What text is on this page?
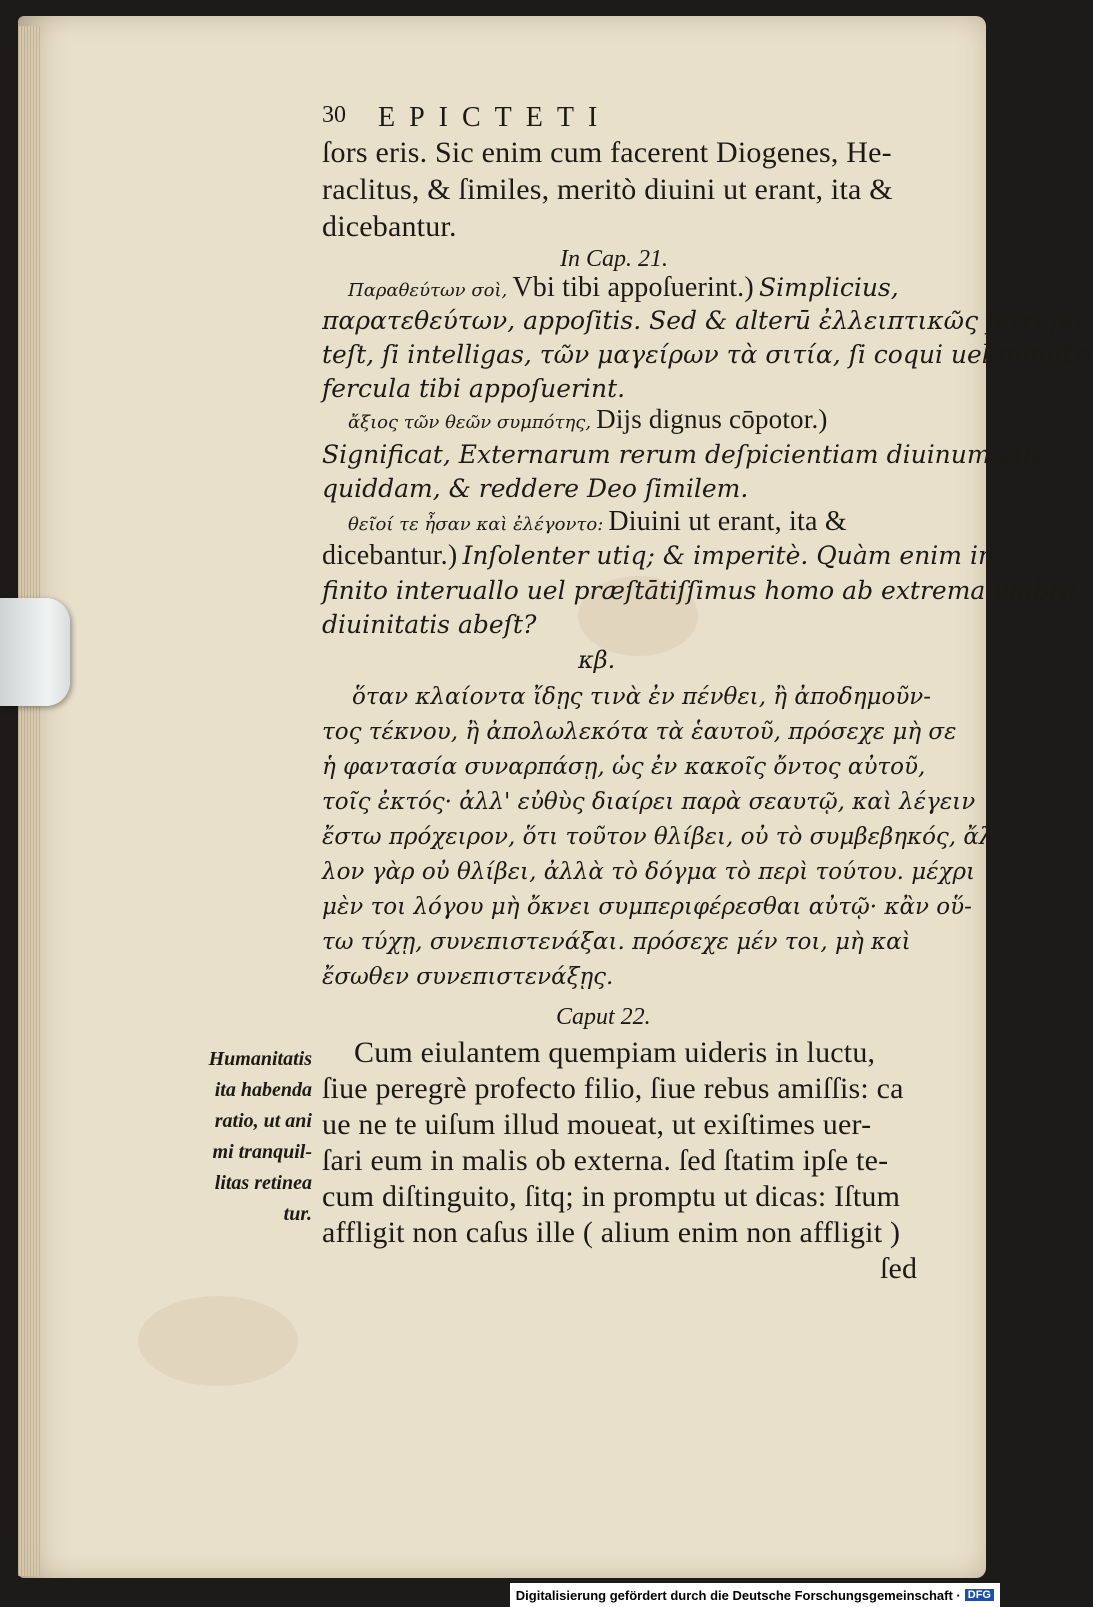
30 EPICTETI
ſors eris. Sic enim cum facerent Diogenes, He-
raclitus, & ſimiles, meritò diuini ut erant, ita &
dicebantur.
In Cap. 21.
Παραθεύτων σοὶ, Vbi tibi appoſuerint.) Simplicius,
παρατεθεύτων, appoſitis. Sed & alterū ἐλλειπτικῶς ferri po
teſt, ſi intelligas, τῶν μαγείρων τὰ σιτία, ſi coqui uel miniſtri
fercula tibi appoſuerint.
ἄξιος τῶν θεῶν συμπότης, Dijs dignus cōpotor.)
Significat, Externarum rerum deſpicientiam diuinum eſſe
quiddam, & reddere Deo ſimilem.
θεῖοί τε ἦσαν καὶ ἐλέγοντο: Diuini ut erant, ita &
dicebantur.) Inſolenter utiq; & imperitè. Quàm enim in-
finito interuallo uel præſtātiſſimus homo ab extrema umbra
diuinitatis abeſt?
κβ.
ὅταν κλαίοντα ἴδῃς τινὰ ἐν πένθει, ἢ ἀποδημοῦν-
τος τέκνου, ἢ ἀπολωλεκότα τὰ ἑαυτοῦ, πρόσεχε μὴ σε
ἡ φαντασία συναρπάσῃ, ὡς ἐν κακοῖς ὄντος αὐτοῦ,
τοῖς ἐκτός· ἀλλ' εὐθὺς διαίρει παρὰ σεαυτῷ, καὶ λέγειν
ἔστω πρόχειρον, ὅτι τοῦτον θλίβει, οὐ τὸ συμβεβηκός, ἄλ
λον γὰρ οὐ θλίβει, ἀλλὰ τὸ δόγμα τὸ περὶ τούτου. μέχρι
μὲν τοι λόγου μὴ ὄκνει συμπεριφέρεσθαι αὐτῷ· κἂν οὕ-
τω τύχῃ, συνεπιστενάξαι. πρόσεχε μέν τοι, μὴ καὶ
ἔσωθεν συνεπιστενάξῃς.
Caput 22.
Cum eiulantem quempiam uideris in luctu,
ſiue peregrè profecto filio, ſiue rebus amiſſis: ca
ue ne te uiſum illud moueat, ut exiſtimes uer-
ſari eum in malis ob externa. ſed ſtatim ipſe te-
cum diſtinguito, ſitq; in promptu ut dicas: Iſtum
affligit non caſus ille ( alium enim non affligit )
ſed
Humanitatis
ita habenda
ratio, ut ani
mi tranquil-
litas retinea
tur.
Digitalisierung gefördert durch die Deutsche Forschungsgemeinschaft · DFG
